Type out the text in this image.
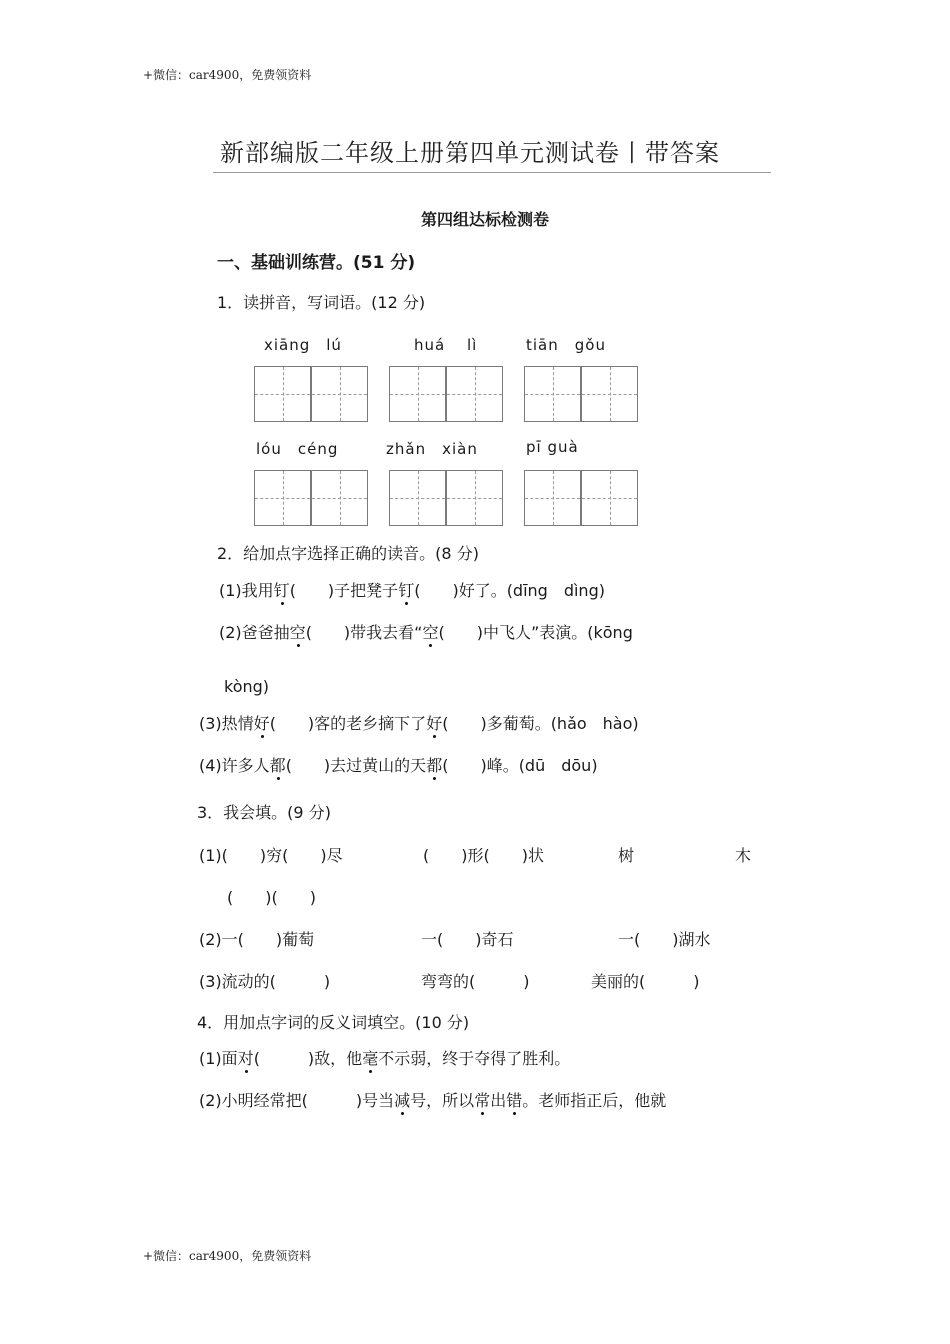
+微信：car4900，免费领资料
新部编版二年级上册第四单元测试卷丨带答案
第四组达标检测卷
一、基础训练营。(51 分)
1．读拼音，写词语。(12 分)
xiāng　lú	huá　 lì	tiān　gǒu
lóu　céng	zhǎn　xiàn	pī guà
2．给加点字选择正确的读音。(8 分)
(1)我用钉(　　)子把凳子钉(　　)好了。(dīng　dìng)
(2)爸爸抽空(　　)带我去看“空(　　)中飞人”表演。(kōng
kòng)
(3)热情好(　　)客的老乡摘下了好(　　)多葡萄。(hǎo　hào)
(4)许多人都(　　)去过黄山的天都(　　)峰。(dū　dōu)
3．我会填。(9 分)
(1)(　　)穷(　　)尽	(　　)形(　　)状	树	木
(　　)(　　)
(2)一(　　)葡萄	一(　　)奇石	一(　　)湖水
(3)流动的(　　　)	弯弯的(　　　)	美丽的(　　　)
4．用加点字词的反义词填空。(10 分)
(1)面对(　　　)敌，他毫不示弱，终于夺得了胜利。
(2)小明经常把(　　　)号当减号，所以常出错。老师指正后，他就
+微信：car4900，免费领资料
